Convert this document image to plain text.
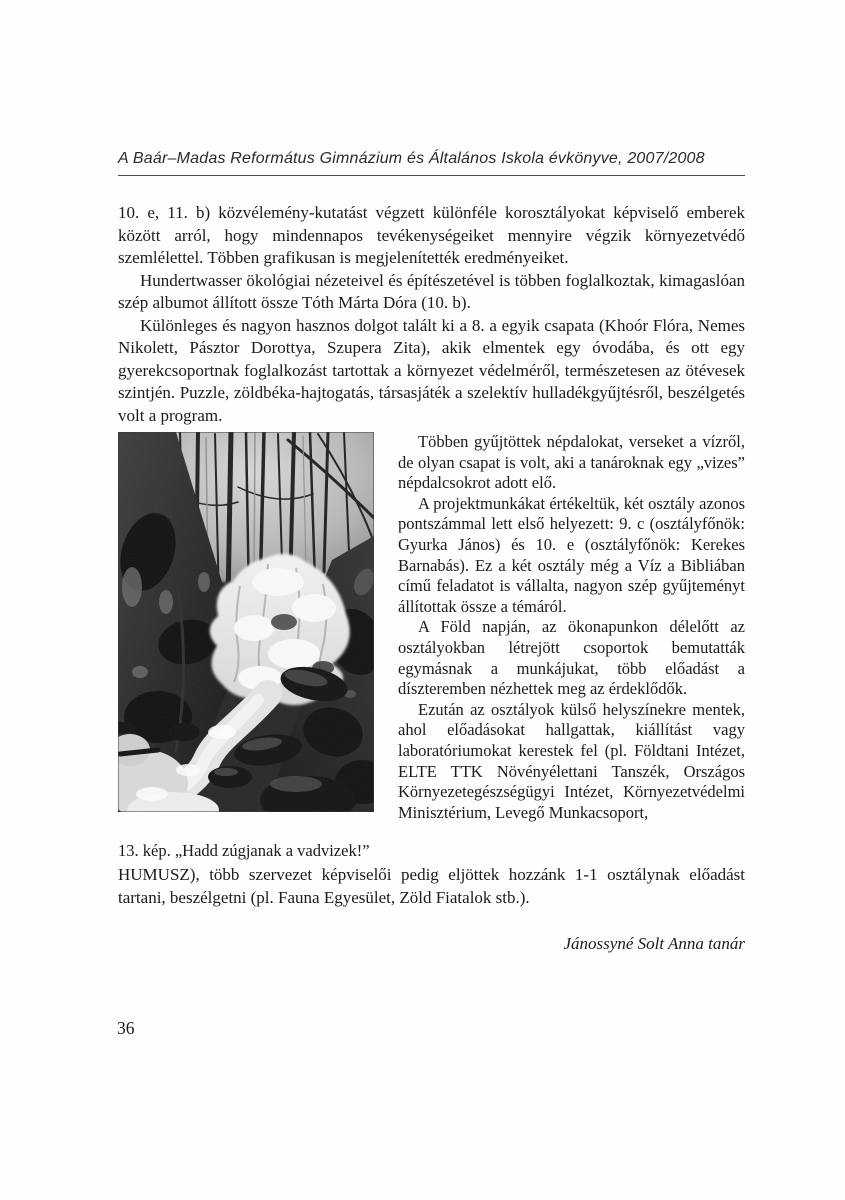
A Baár–Madas Református Gimnázium és Általános Iskola évkönyve, 2007/2008

10. e, 11. b) közvélemény-kutatást végzett különféle korosztályokat képviselő emberek között arról, hogy mindennapos tevékenységeiket mennyire végzik környezetvédő szemlélettel. Többen grafikusan is megjelenítették eredményeiket.

Hundertwasser ökológiai nézeteivel és építészetével is többen foglalkoztak, kimagaslóan szép albumot állított össze Tóth Márta Dóra (10. b).

Különleges és nagyon hasznos dolgot talált ki a 8. a egyik csapata (Khoór Flóra, Nemes Nikolett, Pásztor Dorottya, Szupera Zita), akik elmentek egy óvodába, és ott egy gyerekcsoportnak foglalkozást tartottak a környezet védelméről, természetesen az ötévesek szintjén. Puzzle, zöldbéka-hajtogatás, társasjáték a szelektív hulladékgyűjtésről, beszélgetés volt a program.

13. kép. „Hadd zúgjanak a vadvizek!”

Többen gyűjtöttek népdalokat, verseket a vízről, de olyan csapat is volt, aki a tanároknak egy „vizes” népdalcsokrot adott elő.

A projektmunkákat értékeltük, két osztály azonos pontszámmal lett első helyezett: 9. c (osztályfőnök: Gyurka János) és 10. e (osztályfőnök: Kerekes Barnabás). Ez a két osztály még a Víz a Bibliában című feladatot is vállalta, nagyon szép gyűjteményt állítottak össze a témáról.

A Föld napján, az ökonapunkon délelőtt az osztályokban létrejött csoportok bemutatták egymásnak a munkájukat, több előadást a díszteremben nézhettek meg az érdeklődők.

Ezután az osztályok külső helyszínekre mentek, ahol előadásokat hallgattak, kiállítást vagy laboratóriumokat kerestek fel (pl. Földtani Intézet, ELTE TTK Növényélettani Tanszék, Országos Környezetegészségügyi Intézet, Környezetvédelmi Minisztérium, Levegő Munkacsoport,

HUMUSZ), több szervezet képviselői pedig eljöttek hozzánk 1-1 osztálynak előadást tartani, beszélgetni (pl. Fauna Egyesület, Zöld Fiatalok stb.).

Jánossyné Solt Anna tanár
36
